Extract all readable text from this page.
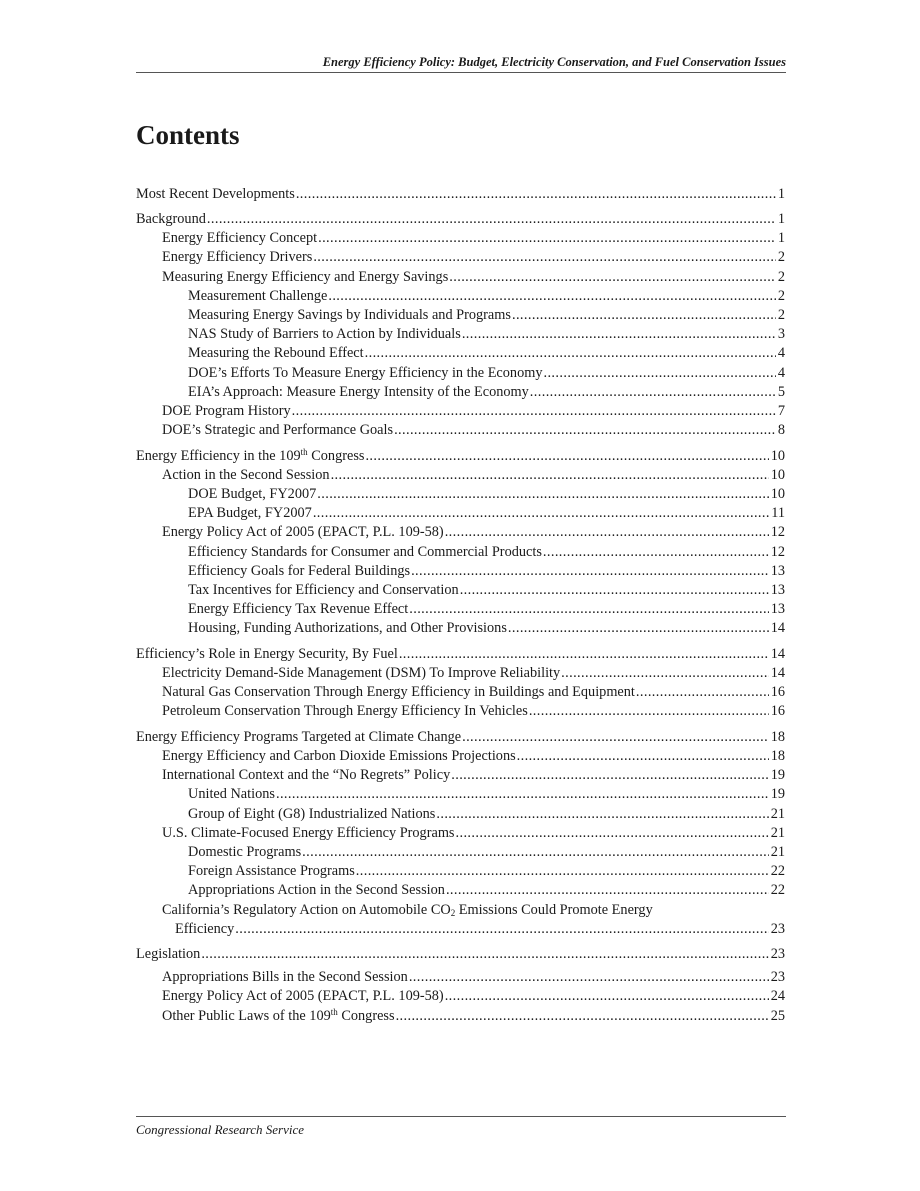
Energy Efficiency Policy: Budget, Electricity Conservation, and Fuel Conservation Issues
Contents
Most Recent Developments .....	1
Background .....	1
Energy Efficiency Concept .....	1
Energy Efficiency Drivers .....	2
Measuring Energy Efficiency and Energy Savings .....	2
Measurement Challenge .....	2
Measuring Energy Savings by Individuals and Programs .....	2
NAS Study of Barriers to Action by Individuals .....	3
Measuring the Rebound Effect .....	4
DOE’s Efforts To Measure Energy Efficiency in the Economy .....	4
EIA’s Approach: Measure Energy Intensity of the Economy .....	5
DOE Program History .....	7
DOE’s Strategic and Performance Goals .....	8
Energy Efficiency in the 109th Congress .....	10
Action in the Second Session .....	10
DOE Budget, FY2007 .....	10
EPA Budget, FY2007 .....	11
Energy Policy Act of 2005 (EPACT, P.L. 109-58) .....	12
Efficiency Standards for Consumer and Commercial Products .....	12
Efficiency Goals for Federal Buildings .....	13
Tax Incentives for Efficiency and Conservation .....	13
Energy Efficiency Tax Revenue Effect .....	13
Housing, Funding Authorizations, and Other Provisions .....	14
Efficiency’s Role in Energy Security, By Fuel .....	14
Electricity Demand-Side Management (DSM) To Improve Reliability .....	14
Natural Gas Conservation Through Energy Efficiency in Buildings and Equipment .....	16
Petroleum Conservation Through Energy Efficiency In Vehicles .....	16
Energy Efficiency Programs Targeted at Climate Change .....	18
Energy Efficiency and Carbon Dioxide Emissions Projections .....	18
International Context and the “No Regrets” Policy .....	19
United Nations .....	19
Group of Eight (G8) Industrialized Nations .....	21
U.S. Climate-Focused Energy Efficiency Programs .....	21
Domestic Programs .....	21
Foreign Assistance Programs .....	22
Appropriations Action in the Second Session .....	22
California’s Regulatory Action on Automobile $CO_2$ Emissions Could Promote Energy
Efficiency .....	23
Legislation .....	23
Appropriations Bills in the Second Session .....	23
Energy Policy Act of 2005 (EPACT, P.L. 109-58) .....	24
Other Public Laws of the 109th Congress .....	25
Congressional Research Service
